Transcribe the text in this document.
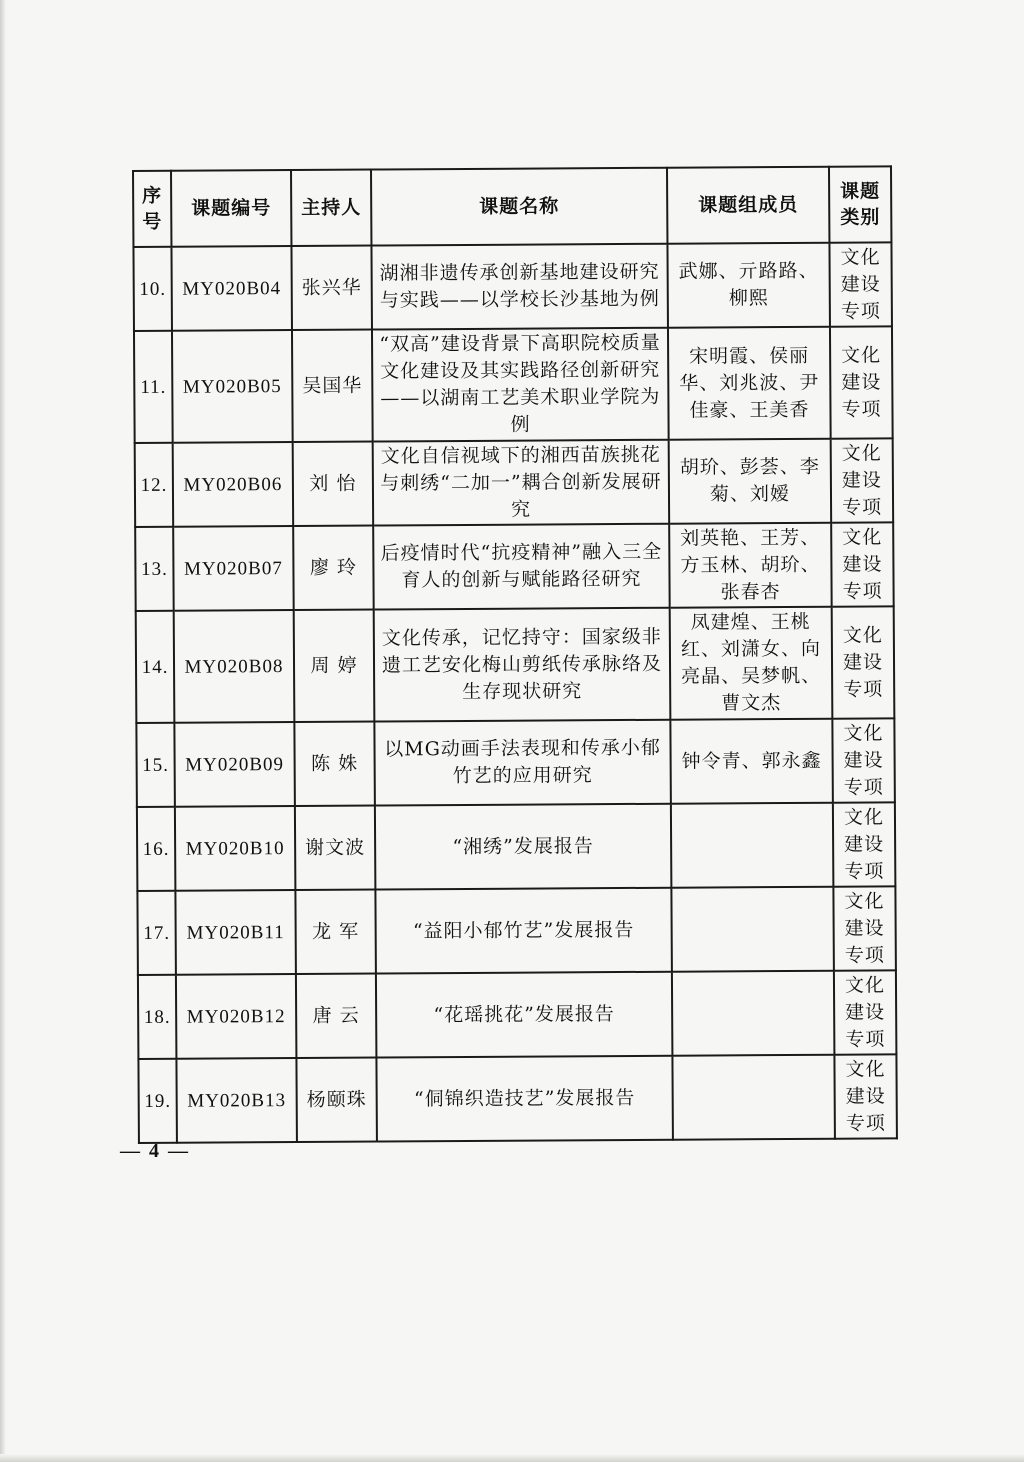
序号	课题编号	主持人	课题名称	课题组成员	课题类别
10.	MY020B04	张兴华	湖湘非遗传承创新基地建设研究与实践——以学校长沙基地为例	武娜、亓路路、柳熙	文化建设专项
11.	MY020B05	吴国华	“双高”建设背景下高职院校质量文化建设及其实践路径创新研究——以湖南工艺美术职业学院为例	宋明霞、侯丽华、刘兆波、尹佳豪、王美香	文化建设专项
12.	MY020B06	刘 怡	文化自信视域下的湘西苗族挑花与刺绣“二加一”耦合创新发展研究	胡玠、彭荟、李菊、刘嫒	文化建设专项
13.	MY020B07	廖 玲	后疫情时代“抗疫精神”融入三全育人的创新与赋能路径研究	刘英艳、王芳、方玉林、胡玠、张春杏	文化建设专项
14.	MY020B08	周 婷	文化传承，记忆持守：国家级非遗工艺安化梅山剪纸传承脉络及生存现状研究	凤建煌、王桃红、刘潇女、向亮晶、吴梦帆、曹文杰	文化建设专项
15.	MY020B09	陈 姝	以MG动画手法表现和传承小郁竹艺的应用研究	钟令青、郭永鑫	文化建设专项
16.	MY020B10	谢文波	“湘绣”发展报告		文化建设专项
17.	MY020B11	龙 军	“益阳小郁竹艺”发展报告		文化建设专项
18.	MY020B12	唐 云	“花瑶挑花”发展报告		文化建设专项
19.	MY020B13	杨颐珠	“侗锦织造技艺”发展报告		文化建设专项
— 4 —
